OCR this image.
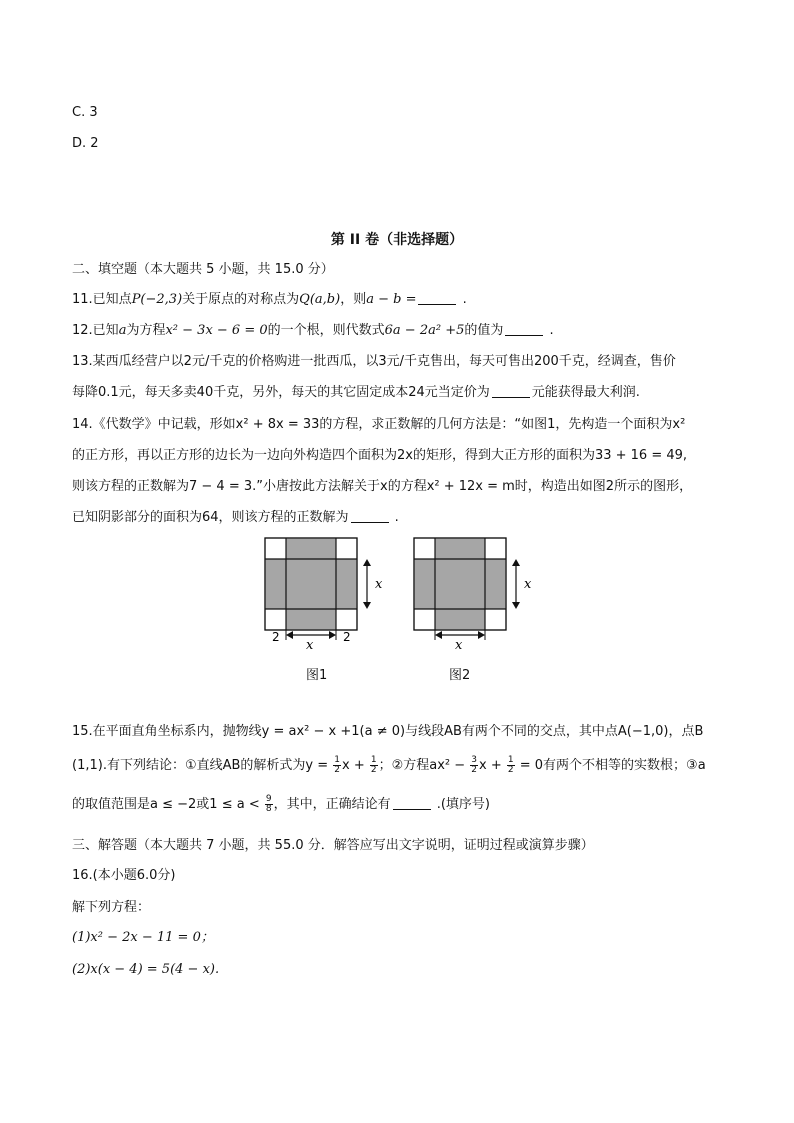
C. 3
D. 2
第 II 卷（非选择题）
二、填空题（本大题共 5 小题，共 15.0 分）
11.已知点P(−2,3)关于原点的对称点为Q(a,b)，则a − b =	.
12.已知a为方程x² − 3x − 6 = 0的一个根，则代数式6a − 2a² +5的值为	.
13.某西瓜经营户以2元/千克的价格购进一批西瓜，以3元/千克售出，每天可售出200千克，经调查，售价
每降0.1元，每天多卖40千克，另外，每天的其它固定成本24元当定价为	元能获得最大利润.
14.《代数学》中记载，形如x² + 8x = 33的方程，求正数解的几何方法是：“如图1，先构造一个面积为x²
的正方形，再以正方形的边长为一边向外构造四个面积为2x的矩形，得到大正方形的面积为33 + 16 = 49,
则该方程的正数解为7 − 4 = 3.”小唐按此方法解关于x的方程x² + 12x = m时，构造出如图2所示的图形，
已知阴影部分的面积为64，则该方程的正数解为	.
x
x
2	2
图1
x
x
图2
15.在平面直角坐标系内，抛物线y = ax² − x +1(a ≠ 0)与线段AB有两个不同的交点，其中点A(−1,0)，点B
(1,1).有下列结论：①直线AB的解析式为$y = \frac{1}{2}$ $x + \frac{1}{2}$ ；②方程$ax^2 - \frac{3}{2}$ $x + \frac{1}{2} = 0$有两个不相等的实数根；③a
的取值范围是a ≤ −2或$1 \le a < \frac{9}{8}$ ，其中，正确结论有	.(填序号)
三、解答题（本大题共 7 小题，共 55.0 分．解答应写出文字说明，证明过程或演算步骤）
16.(本小题6.0分)
解下列方程：
(1)x² − 2x − 11 = 0；
(2)x(x − 4) = 5(4 − x).
